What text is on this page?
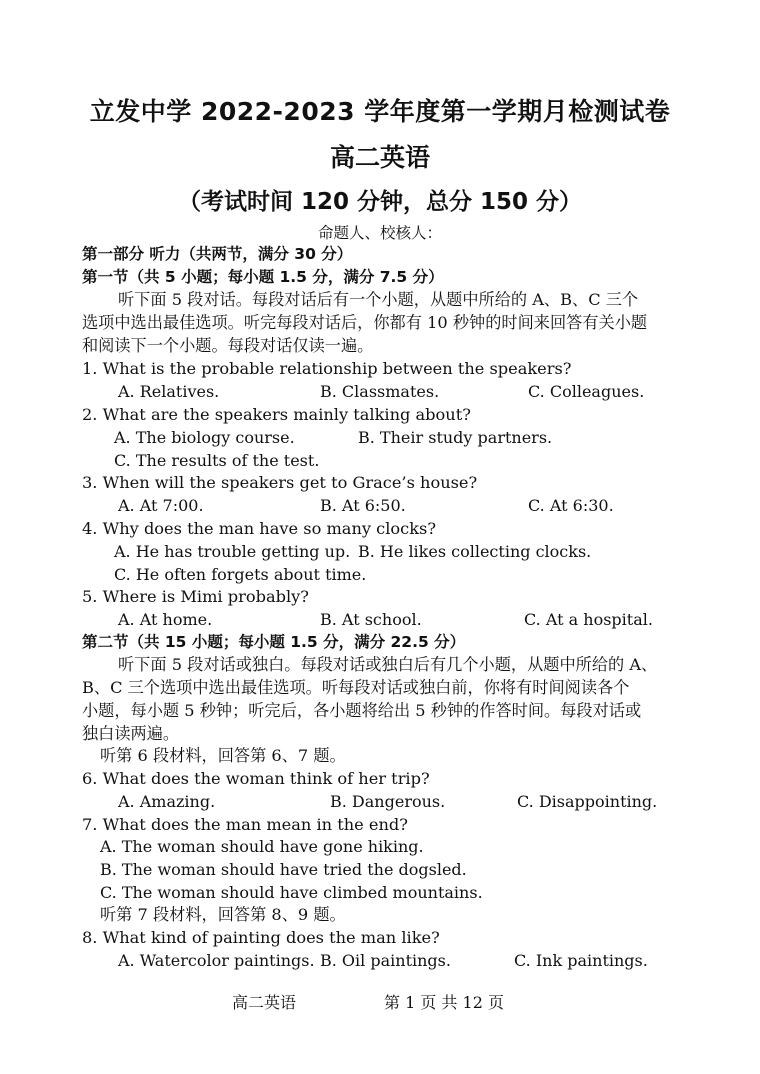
立发中学 2022-2023 学年度第一学期月检测试卷
高二英语
（考试时间 120 分钟，总分 150 分）
命题人、校核人：
第一部分 听力（共两节，满分 30 分）
第一节（共 5 小题；每小题 1.5 分，满分 7.5 分）
听下面 5 段对话。每段对话后有一个小题，从题中所给的 A、B、C 三个
选项中选出最佳选项。听完每段对话后，你都有 10 秒钟的时间来回答有关小题
和阅读下一个小题。每段对话仅读一遍。
1. What is the probable relationship between the speakers?
A. Relatives.	B. Classmates.	C. Colleagues.
2. What are the speakers mainly talking about?
A. The biology course.	B. Their study partners.
C. The results of the test.
3. When will the speakers get to Grace’s house?
A. At 7:00.	B. At 6:50.	C. At 6:30.
4. Why does the man have so many clocks?
A. He has trouble getting up. B. He likes collecting clocks.
C. He often forgets about time.
5. Where is Mimi probably?
A. At home.	B. At school.	C. At a hospital.
第二节（共 15 小题；每小题 1.5 分，满分 22.5 分）
听下面 5 段对话或独白。每段对话或独白后有几个小题，从题中所给的 A、
B、C 三个选项中选出最佳选项。听每段对话或独白前，你将有时间阅读各个
小题，每小题 5 秒钟；听完后，各小题将给出 5 秒钟的作答时间。每段对话或
独白读两遍。
听第 6 段材料，回答第 6、7 题。
6. What does the woman think of her trip?
A. Amazing.	B. Dangerous.	C. Disappointing.
7. What does the man mean in the end?
A. The woman should have gone hiking.
B. The woman should have tried the dogsled.
C. The woman should have climbed mountains.
听第 7 段材料，回答第 8、9 题。
8. What kind of painting does the man like?
A. Watercolor paintings. B. Oil paintings.	C. Ink paintings.
高二英语	第 1 页 共 12 页
